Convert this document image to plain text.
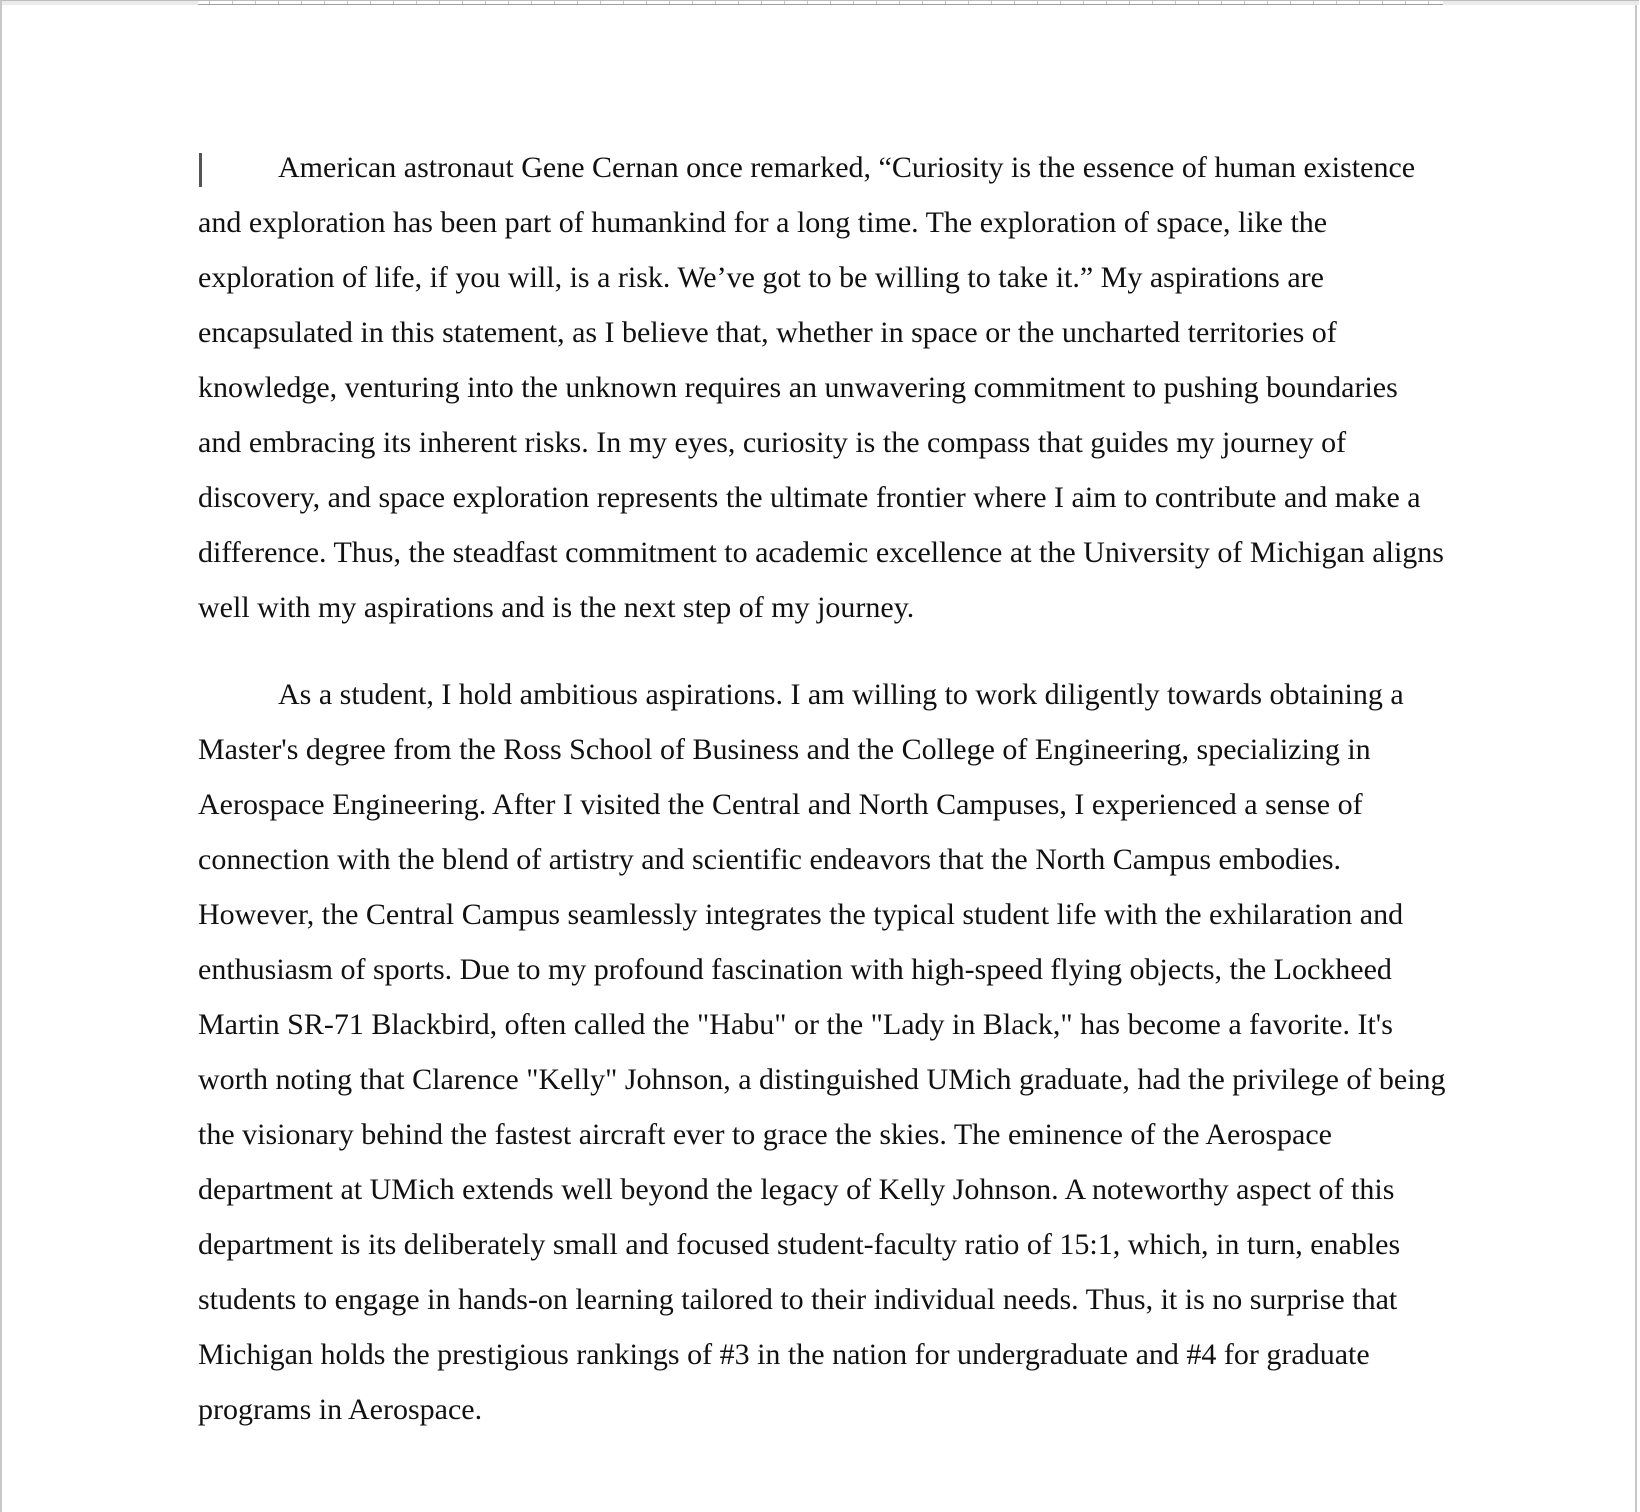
American astronaut Gene Cernan once remarked, “Curiosity is the essence of human existence and exploration has been part of humankind for a long time. The exploration of space, like the exploration of life, if you will, is a risk. We’ve got to be willing to take it.” My aspirations are encapsulated in this statement, as I believe that, whether in space or the uncharted territories of knowledge, venturing into the unknown requires an unwavering commitment to pushing boundaries and embracing its inherent risks. In my eyes, curiosity is the compass that guides my journey of discovery, and space exploration represents the ultimate frontier where I aim to contribute and make a difference. Thus, the steadfast commitment to academic excellence at the University of Michigan aligns well with my aspirations and is the next step of my journey.

As a student, I hold ambitious aspirations. I am willing to work diligently towards obtaining a Master's degree from the Ross School of Business and the College of Engineering, specializing in Aerospace Engineering. After I visited the Central and North Campuses, I experienced a sense of connection with the blend of artistry and scientific endeavors that the North Campus embodies. However, the Central Campus seamlessly integrates the typical student life with the exhilaration and enthusiasm of sports. Due to my profound fascination with high-speed flying objects, the Lockheed Martin SR-71 Blackbird, often called the "Habu" or the "Lady in Black," has become a favorite. It's worth noting that Clarence "Kelly" Johnson, a distinguished UMich graduate, had the privilege of being the visionary behind the fastest aircraft ever to grace the skies. The eminence of the Aerospace department at UMich extends well beyond the legacy of Kelly Johnson. A noteworthy aspect of this department is its deliberately small and focused student-faculty ratio of 15:1, which, in turn, enables students to engage in hands-on learning tailored to their individual needs. Thus, it is no surprise that Michigan holds the prestigious rankings of #3 in the nation for undergraduate and #4 for graduate programs in Aerospace.
